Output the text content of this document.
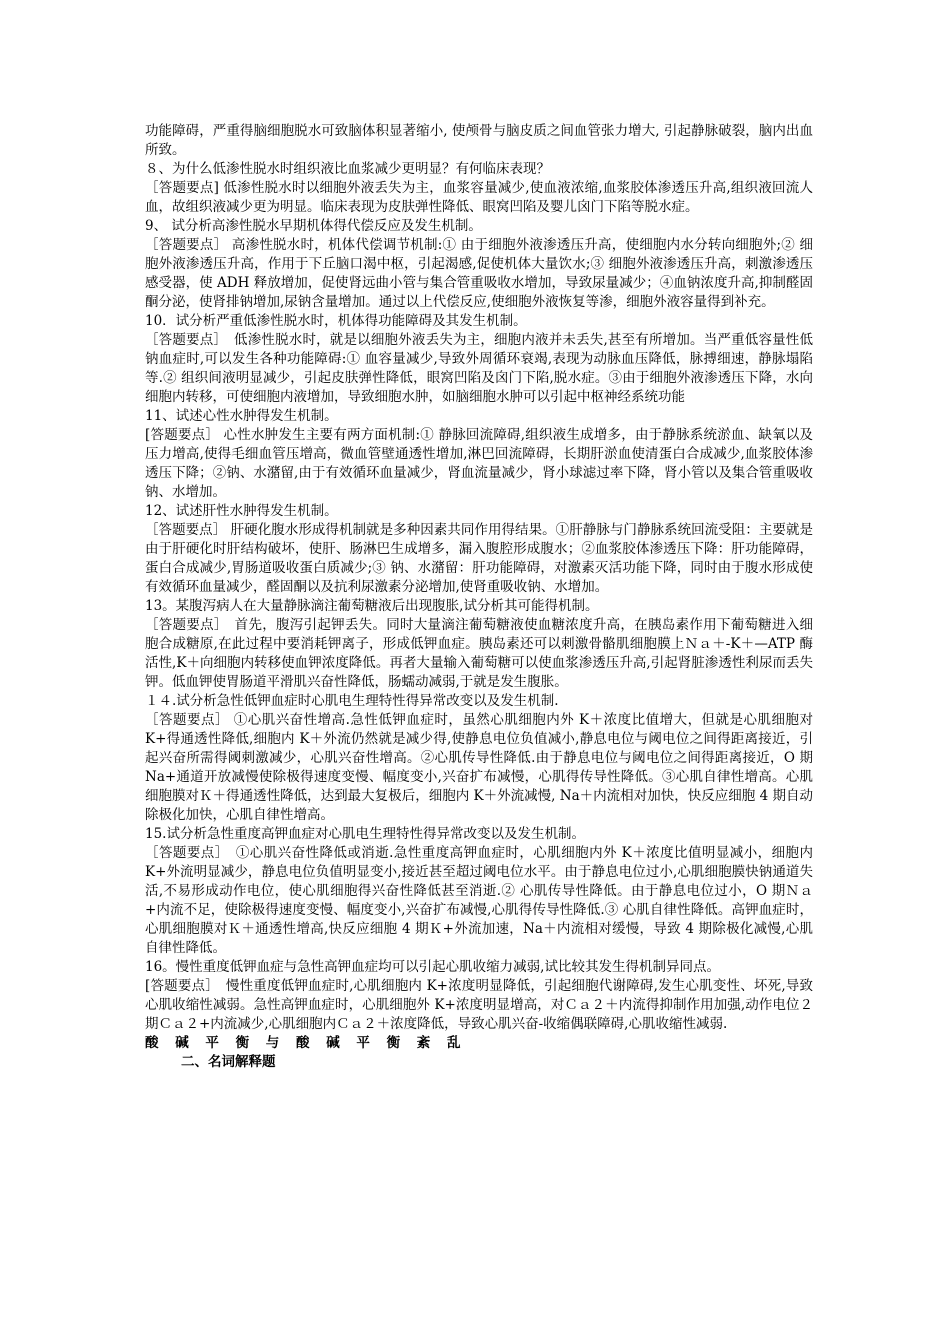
功能障碍，严重得脑细胞脱水可致脑体积显著缩小, 使颅骨与脑皮质之间血管张力增大, 引起静脉破裂，脑内出血所致。

８、为什么低渗性脱水时组织液比血浆减少更明显？有何临床表现？

［答题要点] 低渗性脱水时以细胞外液丢失为主，血浆容量减少,使血液浓缩,血浆胶体渗透压升高,组织液回流人血，故组织液减少更为明显。临床表现为皮肤弹性降低、眼窝凹陷及婴儿囟门下陷等脱水症。

9、 试分析高渗性脱水早期机体得代偿反应及发生机制。

［答题要点］ 高渗性脱水时，机体代偿调节机制:① 由于细胞外液渗透压升高，使细胞内水分转向细胞外;② 细胞外液渗透压升高，作用于下丘脑口渴中枢，引起渴感,促使机体大量饮水;③ 细胞外液渗透压升高，刺激渗透压感受器，使 ADH 释放增加，促使肾远曲小管与集合管重吸收水增加，导致尿量减少；④血钠浓度升高,抑制醛固酮分泌，使肾排钠增加,尿钠含量增加。通过以上代偿反应,使细胞外液恢复等渗，细胞外液容量得到补充。

10．试分析严重低渗性脱水时，机体得功能障碍及其发生机制。

［答题要点］　低渗性脱水时，就是以细胞外液丢失为主，细胞内液并未丢失,甚至有所增加。当严重低容量性低钠血症时,可以发生各种功能障碍:① 血容量减少,导致外周循环衰竭,表现为动脉血压降低，脉搏细速，静脉塌陷等.② 组织间液明显减少，引起皮肤弹性降低，眼窝凹陷及囟门下陷,脱水症。③由于细胞外液渗透压下降，水向细胞内转移，可使细胞内液增加，导致细胞水肿，如脑细胞水肿可以引起中枢神经系统功能

11、试述心性水肿得发生机制。

[答题要点］ 心性水肿发生主要有两方面机制:① 静脉回流障碍,组织液生成增多，由于静脉系统淤血、缺氧以及压力增高,使得毛细血管压增高，微血管壁通透性增加,淋巴回流障碍，长期肝淤血使清蛋白合成减少,血浆胶体渗透压下降；②钠、水潴留,由于有效循环血量减少，肾血流量减少，肾小球滤过率下降，肾小管以及集合管重吸收钠、水增加。

12、试述肝性水肿得发生机制。

［答题要点］ 肝硬化腹水形成得机制就是多种因素共同作用得结果。①肝静脉与门静脉系统回流受阻：主要就是由于肝硬化时肝结构破坏，使肝、肠淋巴生成增多，漏入腹腔形成腹水；②血浆胶体渗透压下降：肝功能障碍，蛋白合成减少,胃肠道吸收蛋白质减少;③ 钠、水潴留：肝功能障碍，对激素灭活功能下降，同时由于腹水形成使有效循环血量减少，醛固酮以及抗利尿激素分泌增加,使肾重吸收钠、水增加。

13。某腹泻病人在大量静脉滴注葡萄糖液后出现腹胀,试分析其可能得机制。

［答题要点］　首先，腹泻引起钾丢失。同时大量滴注葡萄糖液使血糖浓度升高，在胰岛素作用下葡萄糖进入细胞合成糖原,在此过程中要消耗钾离子，形成低钾血症。胰岛素还可以刺激骨骼肌细胞膜上Ｎａ＋-K＋—ATP 酶活性,K＋向细胞内转移使血钾浓度降低。再者大量输入葡萄糖可以使血浆渗透压升高,引起肾脏渗透性利尿而丢失钾。低血钾使胃肠道平滑肌兴奋性降低，肠蠕动减弱,于就是发生腹胀。

１４.试分析急性低钾血症时心肌电生理特性得异常改变以及发生机制.

［答题要点］ ①心肌兴奋性增高.急性低钾血症时，虽然心肌细胞内外 K＋浓度比值增大，但就是心肌细胞对 K+得通透性降低,细胞内 K＋外流仍然就是减少得,使静息电位负值减小,静息电位与阈电位之间得距离接近，引起兴奋所需得阈刺激减少，心肌兴奋性增高。②心肌传导性降低.由于静息电位与阈电位之间得距离接近，O 期 Na+通道开放减慢使除极得速度变慢、幅度变小,兴奋扩布减慢，心肌得传导性降低。③心肌自律性增高。心肌细胞膜对Ｋ＋得通透性降低，达到最大复极后，细胞内 K＋外流减慢, Na＋内流相对加快，快反应细胞 4 期自动除极化加快，心肌自律性增高。

15.试分析急性重度高钾血症对心肌电生理特性得异常改变以及发生机制。

［答题要点］　①心肌兴奋性降低或消逝.急性重度高钾血症时，心肌细胞内外 K＋浓度比值明显减小，细胞内 K+外流明显减少，静息电位负值明显变小,接近甚至超过阈电位水平。由于静息电位过小,心肌细胞膜快钠通道失活,不易形成动作电位，使心肌细胞得兴奋性降低甚至消逝.② 心肌传导性降低。由于静息电位过小，O 期Ｎａ+内流不足，使除极得速度变慢、幅度变小,兴奋扩布减慢,心肌得传导性降低.③ 心肌自律性降低。高钾血症时，心肌细胞膜对Ｋ＋通透性增高,快反应细胞 4 期Ｋ+外流加速，Na＋内流相对缓慢，导致 4 期除极化减慢,心肌自律性降低。

16。慢性重度低钾血症与急性高钾血症均可以引起心肌收缩力减弱,试比较其发生得机制异同点。

[答题要点］　慢性重度低钾血症时,心肌细胞内 K+浓度明显降低，引起细胞代谢障碍,发生心肌变性、坏死,导致心肌收缩性减弱。急性高钾血症时，心肌细胞外 K+浓度明显增高，对Ｃａ２＋内流得抑制作用加强,动作电位２期Ｃａ２+内流减少,心肌细胞内Ｃａ２＋浓度降低，导致心肌兴奋-收缩偶联障碍,心肌收缩性减弱.

酸 碱 平 衡 与 酸 碱 平 衡 紊 乱

二、名词解释题
